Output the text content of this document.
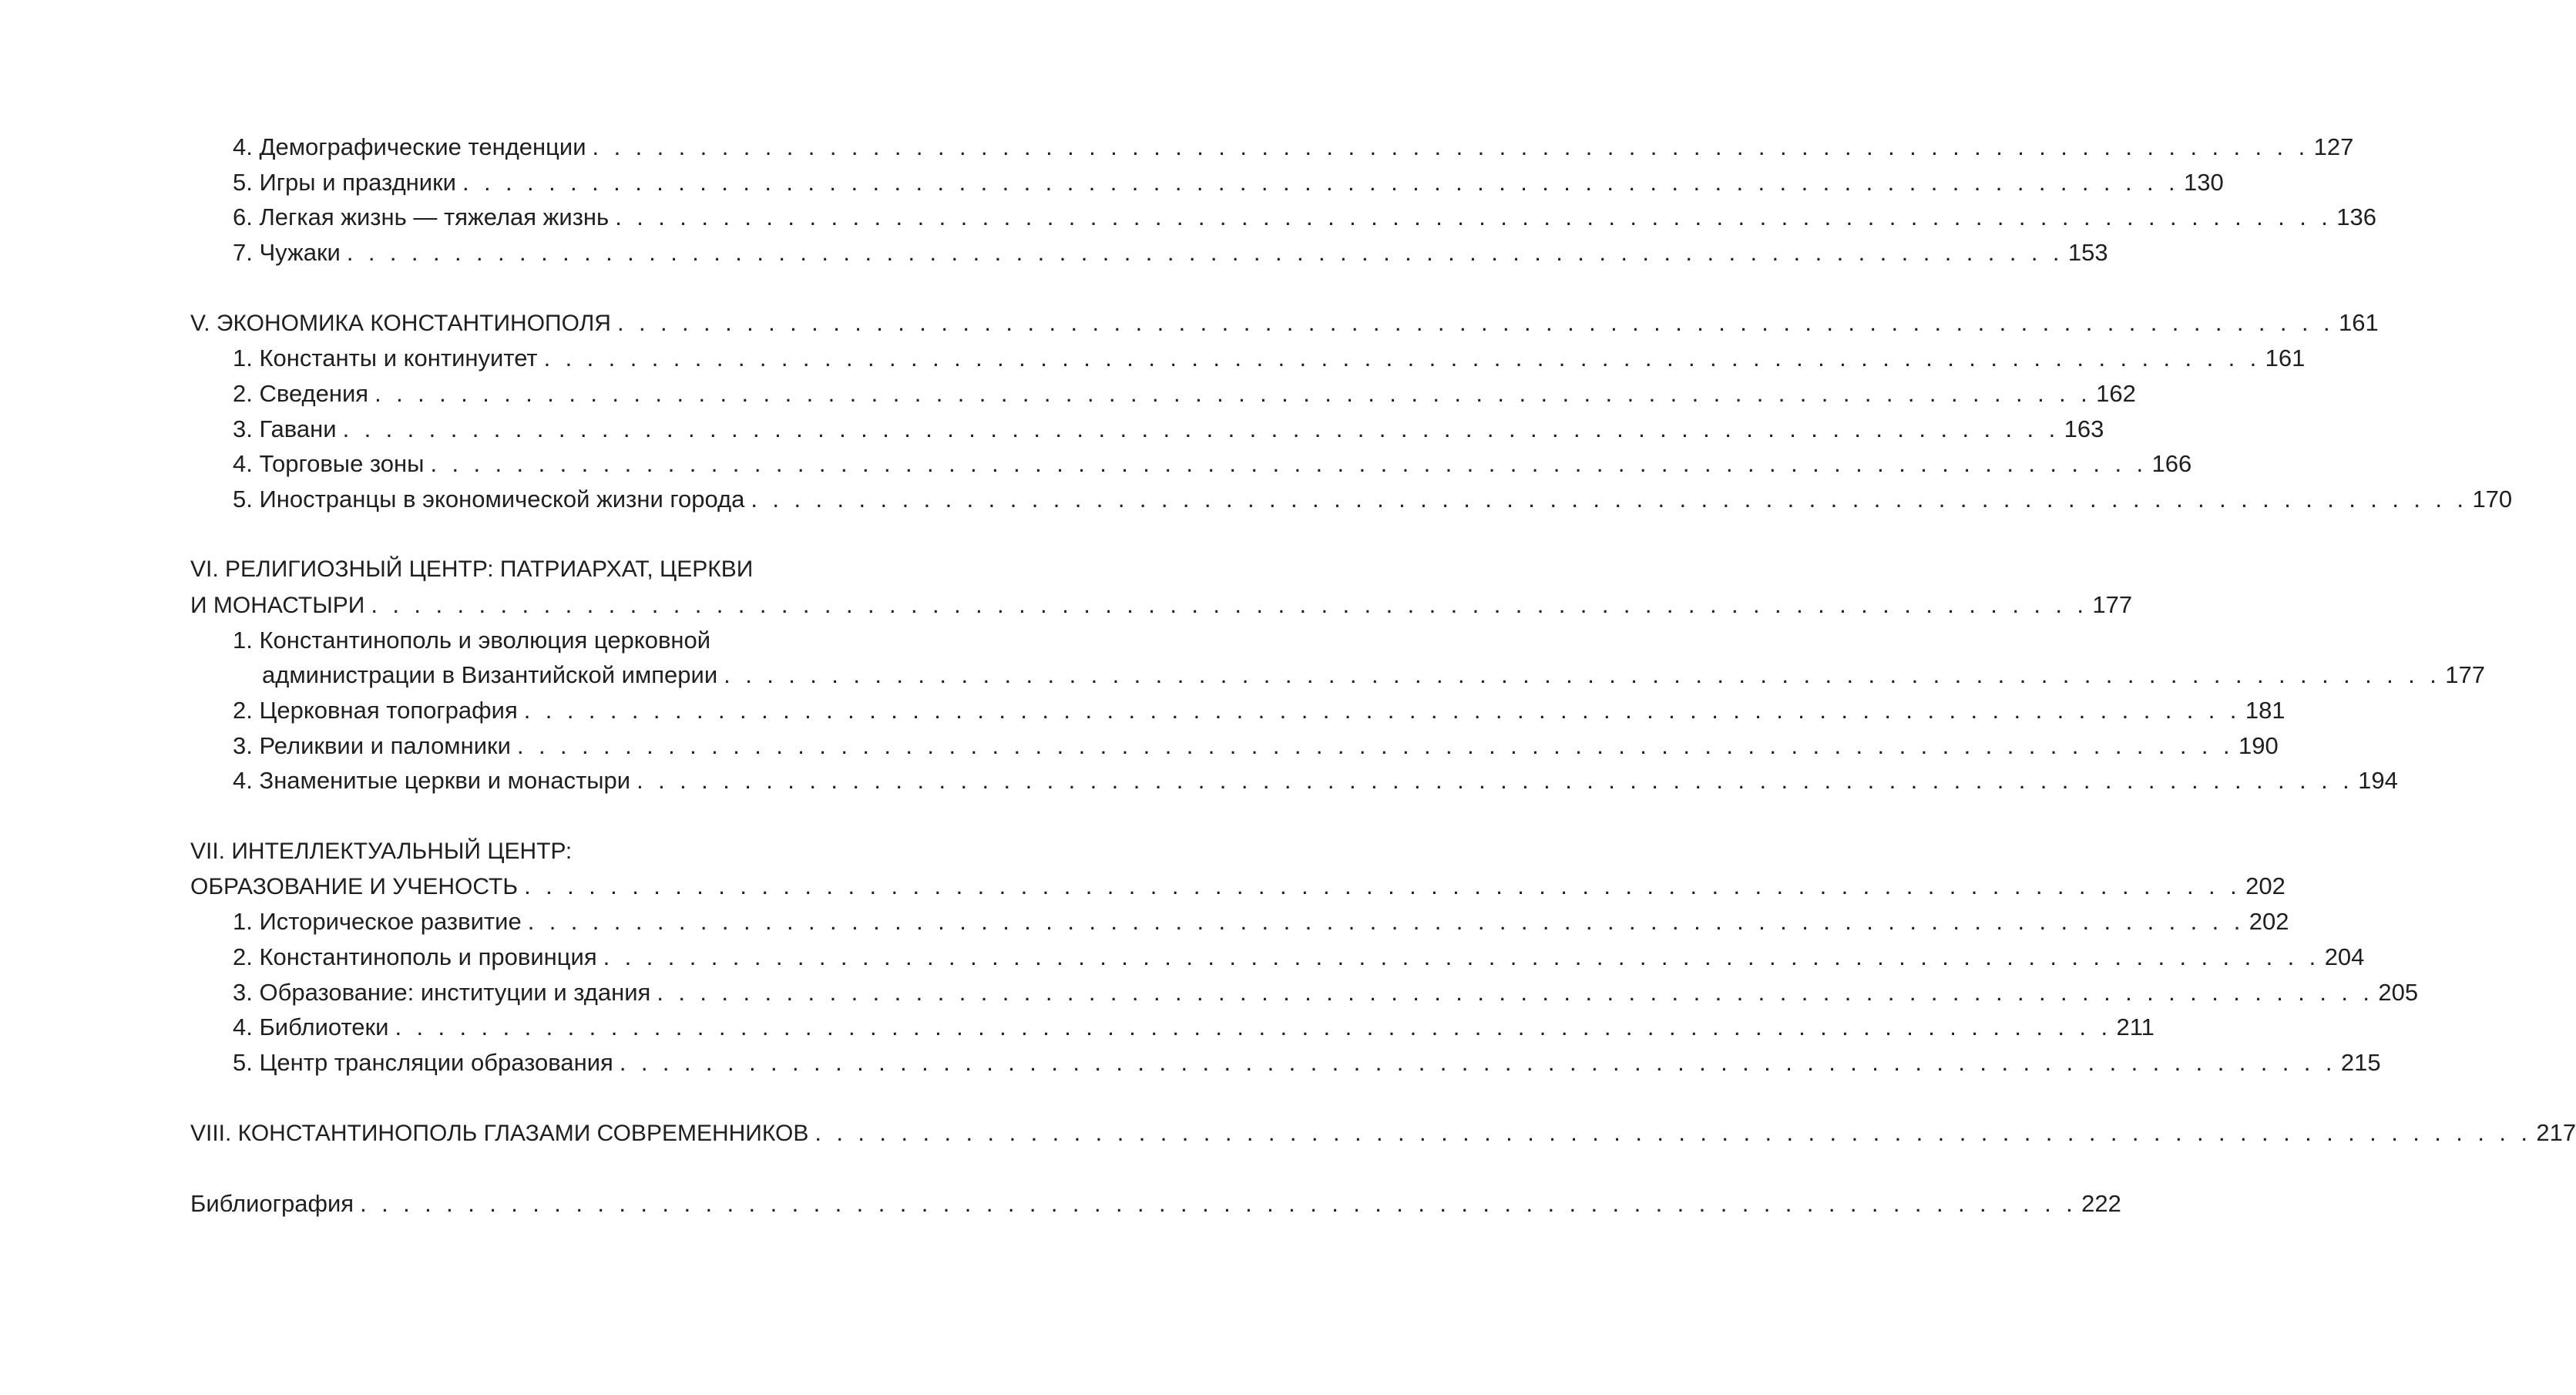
4. Демографические тенденции . . . . . . . . . . . . . . . . . . . . . . . . . . . . . . . . . . . . . . . . . . . . . . . . . . . . . . . . . . . . . . . . . . . . . . . . . . . . . . . . 127
5. Игры и праздники . . . . . . . . . . . . . . . . . . . . . . . . . . . . . . . . . . . . . . . . . . . . . . . . . . . . . . . . . . . . . . . . . . . . . . . . . . . . . . . . 130
6. Легкая жизнь — тяжелая жизнь . . . . . . . . . . . . . . . . . . . . . . . . . . . . . . . . . . . . . . . . . . . . . . . . . . . . . . . . . . . . . . . . . . . . . . . . . . . . . . . . 136
7. Чужаки . . . . . . . . . . . . . . . . . . . . . . . . . . . . . . . . . . . . . . . . . . . . . . . . . . . . . . . . . . . . . . . . . . . . . . . . . . . . . . . . 153
V. ЭКОНОМИКА КОНСТАНТИНОПОЛЯ . . . . . . . . . . . . . . . . . . . . . . . . . . . . . . . . . . . . . . . . . . . . . . . . . . . . . . . . . . . . . . . . . . . . . . . . . . . . . . . . 161
1. Константы и континуитет . . . . . . . . . . . . . . . . . . . . . . . . . . . . . . . . . . . . . . . . . . . . . . . . . . . . . . . . . . . . . . . . . . . . . . . . . . . . . . . . 161
2. Сведения . . . . . . . . . . . . . . . . . . . . . . . . . . . . . . . . . . . . . . . . . . . . . . . . . . . . . . . . . . . . . . . . . . . . . . . . . . . . . . . . 162
3. Гавани . . . . . . . . . . . . . . . . . . . . . . . . . . . . . . . . . . . . . . . . . . . . . . . . . . . . . . . . . . . . . . . . . . . . . . . . . . . . . . . . 163
4. Торговые зоны . . . . . . . . . . . . . . . . . . . . . . . . . . . . . . . . . . . . . . . . . . . . . . . . . . . . . . . . . . . . . . . . . . . . . . . . . . . . . . . . 166
5. Иностранцы в экономической жизни города . . . . . . . . . . . . . . . . . . . . . . . . . . . . . . . . . . . . . . . . . . . . . . . . . . . . . . . . . . . . . . . . . . . . . . . . . . . . . . . . 170
VI. РЕЛИГИОЗНЫЙ ЦЕНТР: ПАТРИАРХАТ, ЦЕРКВИ
И МОНАСТЫРИ . . . . . . . . . . . . . . . . . . . . . . . . . . . . . . . . . . . . . . . . . . . . . . . . . . . . . . . . . . . . . . . . . . . . . . . . . . . . . . . . 177
1. Константинополь и эволюция церковной
администрации в Византийской империи . . . . . . . . . . . . . . . . . . . . . . . . . . . . . . . . . . . . . . . . . . . . . . . . . . . . . . . . . . . . . . . . . . . . . . . . . . . . . . . . 177
2. Церковная топография . . . . . . . . . . . . . . . . . . . . . . . . . . . . . . . . . . . . . . . . . . . . . . . . . . . . . . . . . . . . . . . . . . . . . . . . . . . . . . . . 181
3. Реликвии и паломники . . . . . . . . . . . . . . . . . . . . . . . . . . . . . . . . . . . . . . . . . . . . . . . . . . . . . . . . . . . . . . . . . . . . . . . . . . . . . . . . 190
4. Знаменитые церкви и монастыри . . . . . . . . . . . . . . . . . . . . . . . . . . . . . . . . . . . . . . . . . . . . . . . . . . . . . . . . . . . . . . . . . . . . . . . . . . . . . . . . 194
VII. ИНТЕЛЛЕКТУАЛЬНЫЙ ЦЕНТР:
ОБРАЗОВАНИЕ И УЧЕНОСТЬ . . . . . . . . . . . . . . . . . . . . . . . . . . . . . . . . . . . . . . . . . . . . . . . . . . . . . . . . . . . . . . . . . . . . . . . . . . . . . . . . 202
1. Историческое развитие . . . . . . . . . . . . . . . . . . . . . . . . . . . . . . . . . . . . . . . . . . . . . . . . . . . . . . . . . . . . . . . . . . . . . . . . . . . . . . . . 202
2. Константинополь и провинция . . . . . . . . . . . . . . . . . . . . . . . . . . . . . . . . . . . . . . . . . . . . . . . . . . . . . . . . . . . . . . . . . . . . . . . . . . . . . . . . 204
3. Образование: институции и здания . . . . . . . . . . . . . . . . . . . . . . . . . . . . . . . . . . . . . . . . . . . . . . . . . . . . . . . . . . . . . . . . . . . . . . . . . . . . . . . . 205
4. Библиотеки . . . . . . . . . . . . . . . . . . . . . . . . . . . . . . . . . . . . . . . . . . . . . . . . . . . . . . . . . . . . . . . . . . . . . . . . . . . . . . . . 211
5. Центр трансляции образования . . . . . . . . . . . . . . . . . . . . . . . . . . . . . . . . . . . . . . . . . . . . . . . . . . . . . . . . . . . . . . . . . . . . . . . . . . . . . . . . 215
VIII. КОНСТАНТИНОПОЛЬ ГЛАЗАМИ СОВРЕМЕННИКОВ . . . . . . . . . . . . . . . . . . . . . . . . . . . . . . . . . . . . . . . . . . . . . . . . . . . . . . . . . . . . . . . . . . . . . . . . . . . . . . . . 217
Библиография . . . . . . . . . . . . . . . . . . . . . . . . . . . . . . . . . . . . . . . . . . . . . . . . . . . . . . . . . . . . . . . . . . . . . . . . . . . . . . . . 222
